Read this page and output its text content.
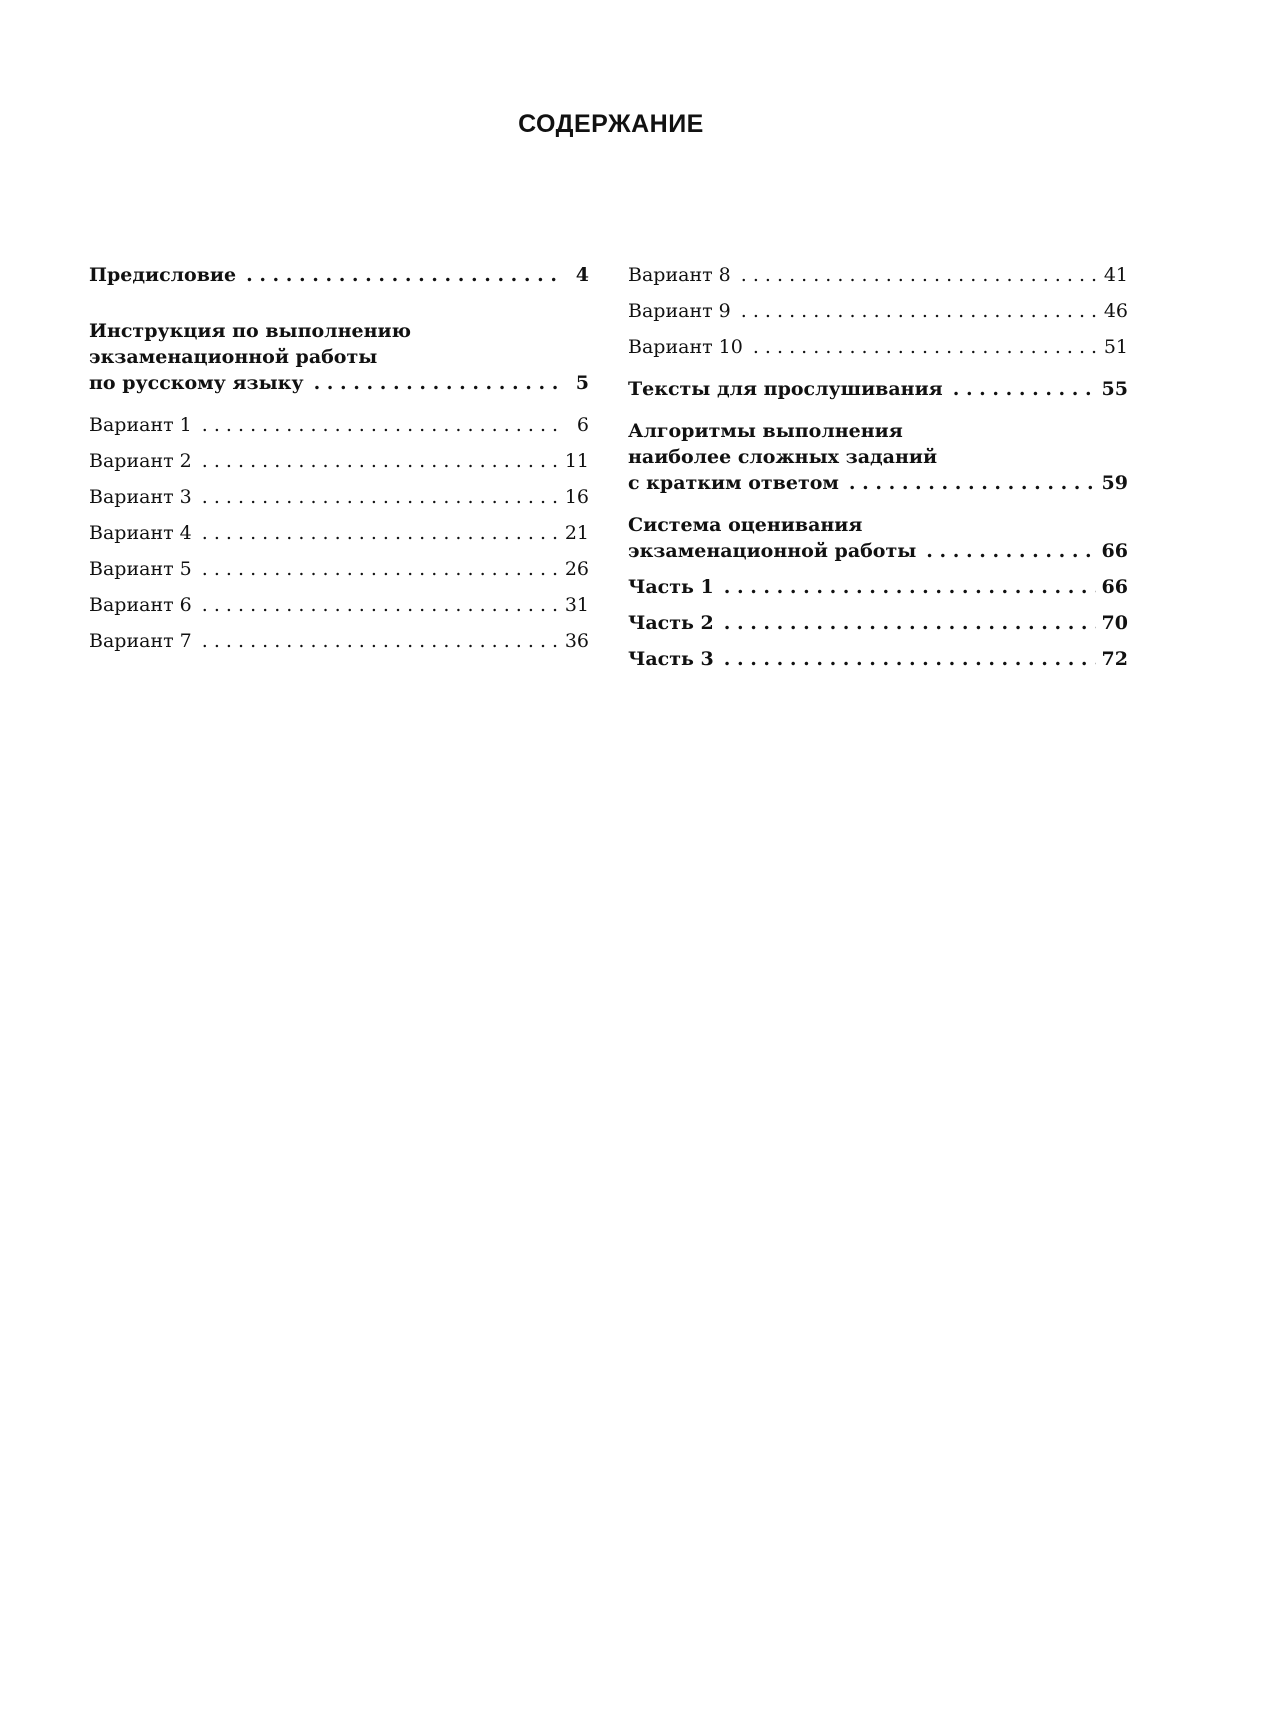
СОДЕРЖАНИЕ
Предисловие . . .	4
Инструкция по выполнению
экзаменационной работы
по русскому языку . . .	5
Вариант 1 . . .	6
Вариант 2 . . .	11
Вариант 3 . . .	16
Вариант 4 . . .	21
Вариант 5 . . .	26
Вариант 6 . . .	31
Вариант 7 . . .	36
Вариант 8 . . .	41
Вариант 9 . . .	46
Вариант 10 . . .	51
Тексты для прослушивания . . .	55
Алгоритмы выполнения
наиболее сложных заданий
с кратким ответом . . .	59
Система оценивания
экзаменационной работы . . .	66
Часть 1 . . .	66
Часть 2 . . .	70
Часть 3 . . .	72
